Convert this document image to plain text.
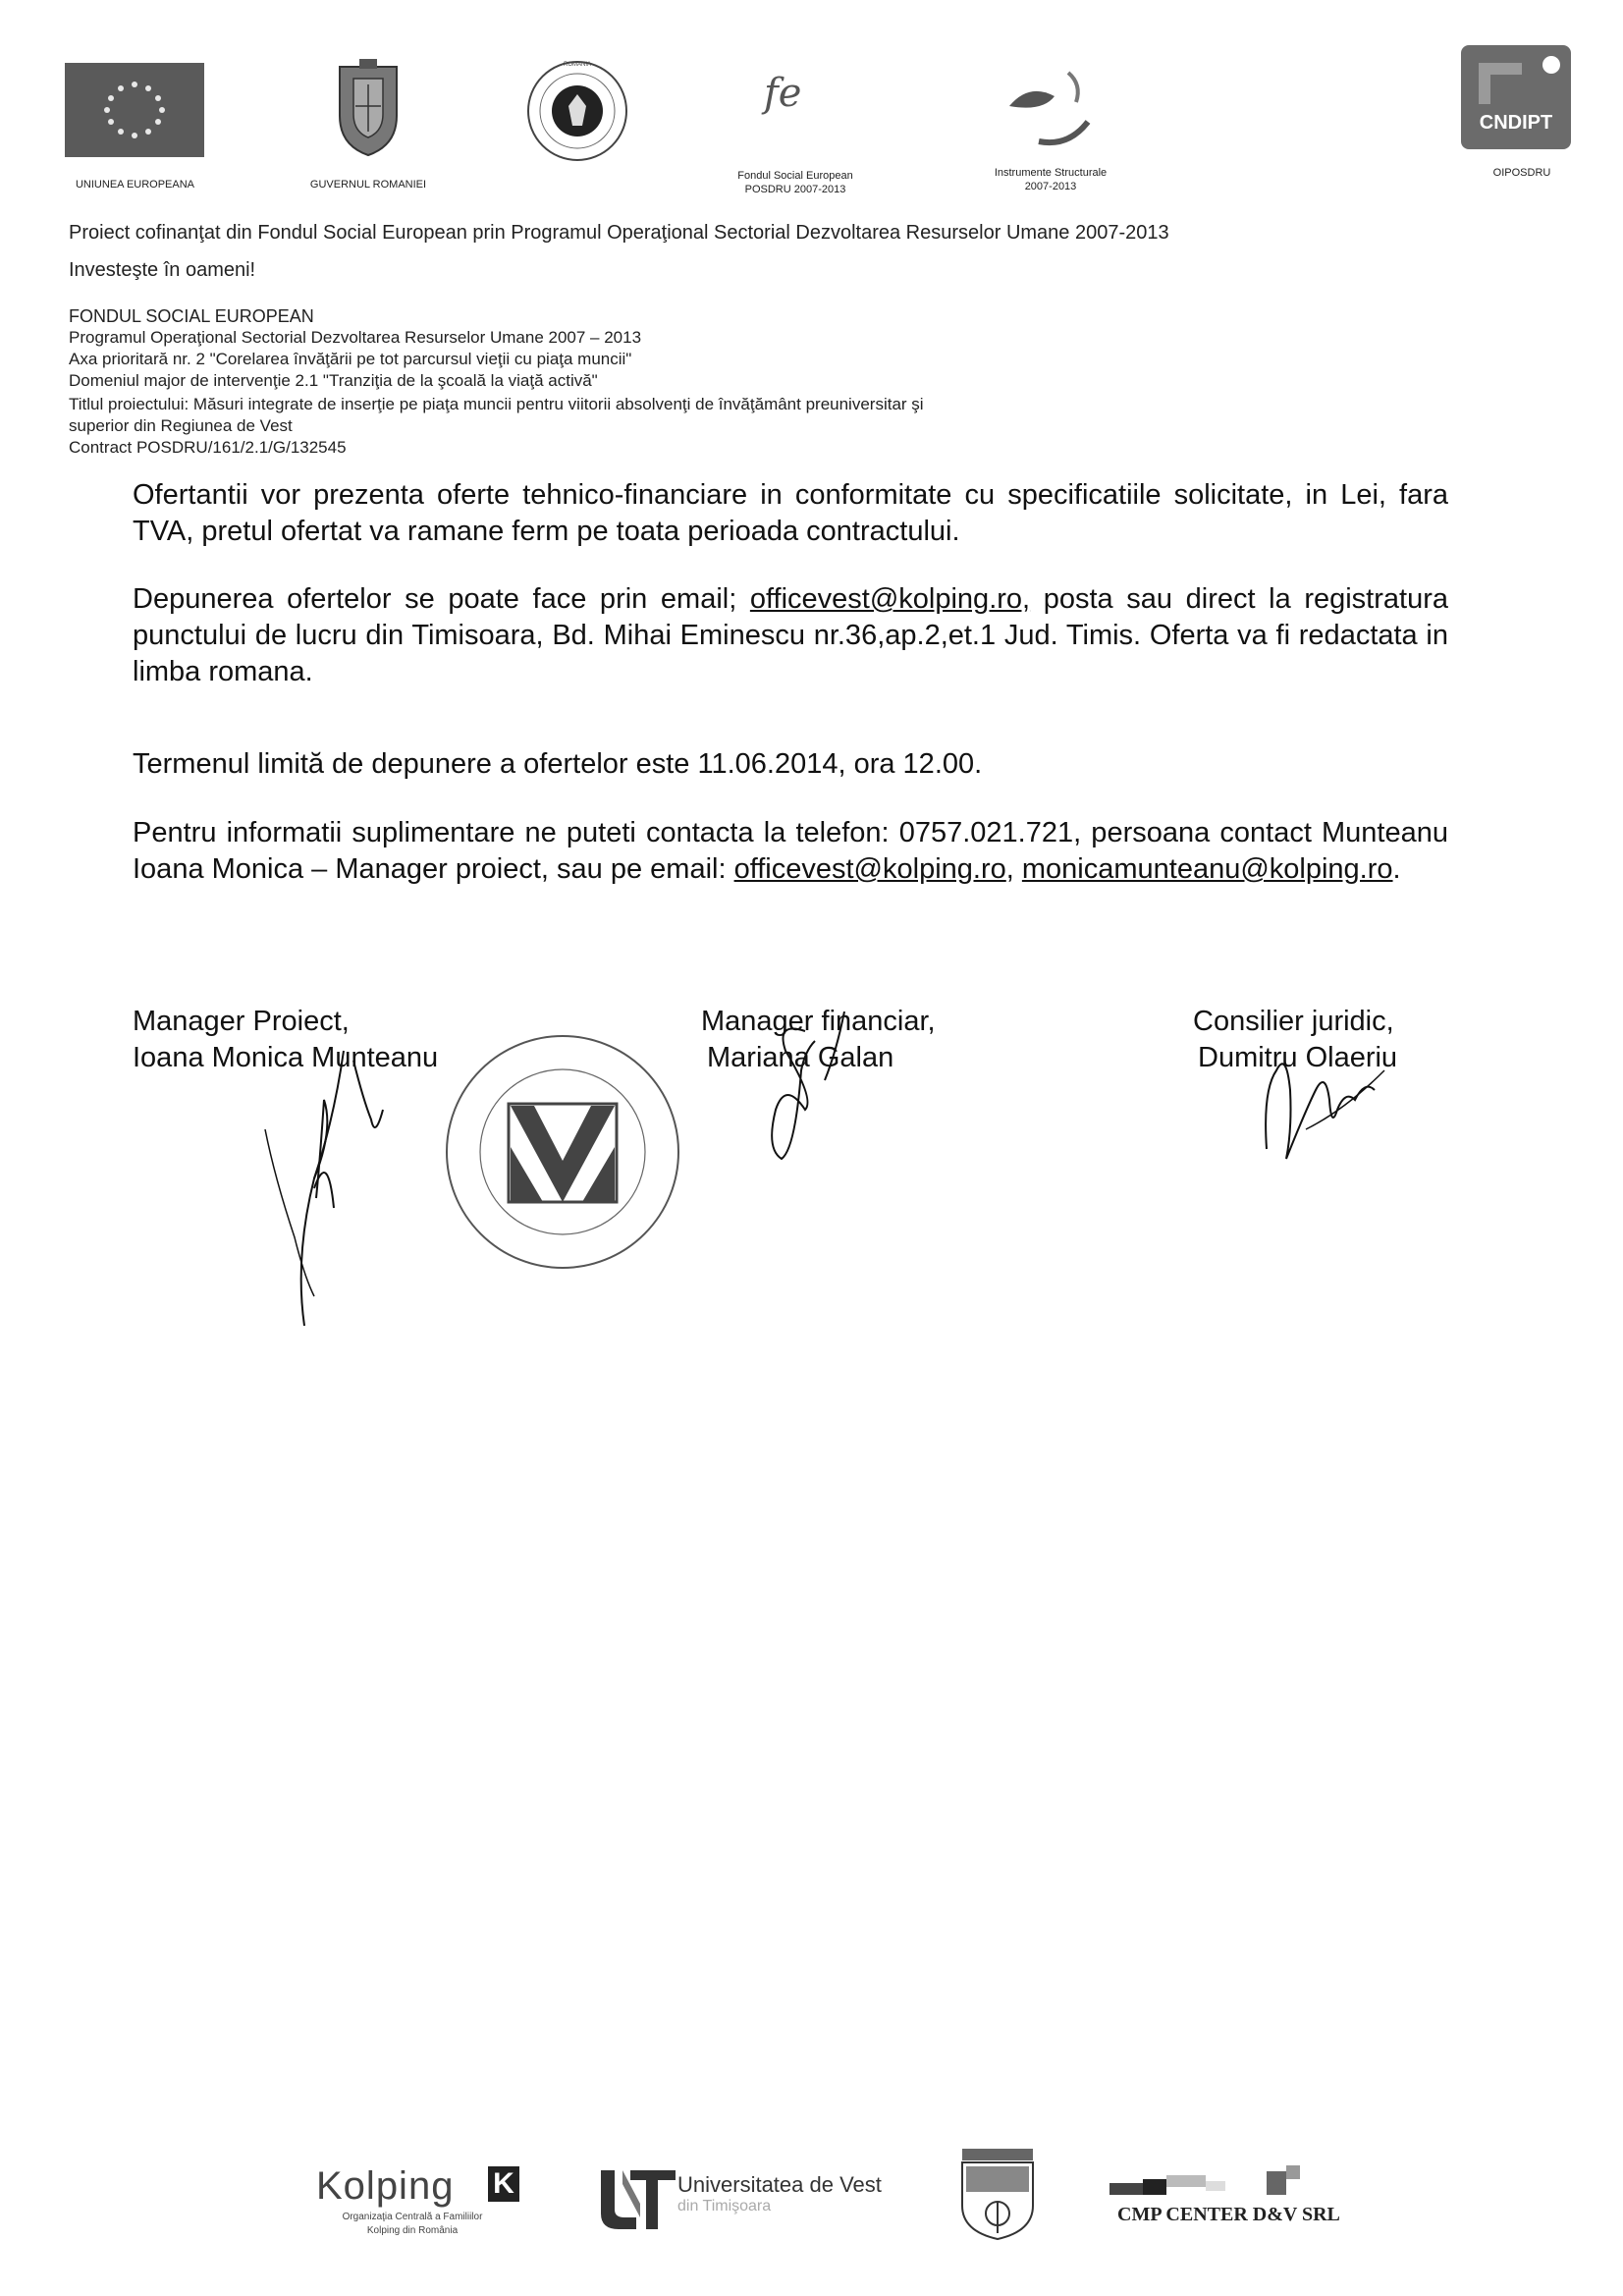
UNIUNEA EUROPEANA	GUVERNUL ROMANIEI
ROMANIA
fe
Fondul Social European
POSDRU 2007-2013
Instrumente Structurale
2007-2013
CNDIPT
OIPOSDRU
Proiect cofinanţat din Fondul Social European prin Programul Operaţional Sectorial Dezvoltarea Resurselor Umane 2007-2013
Investeşte în oameni!
FONDUL SOCIAL EUROPEAN
Programul Operaţional Sectorial Dezvoltarea Resurselor Umane 2007 – 2013
Axa prioritară nr. 2 "Corelarea învăţării pe tot parcursul vieţii cu piaţa muncii"
Domeniul major de intervenţie 2.1 "Tranziţia de la şcoală la viaţă activă"
Titlul proiectului: Măsuri integrate de inserţie pe piaţa muncii pentru viitorii absolvenţi de învăţământ preuniversitar şi
superior din Regiunea de Vest
Contract POSDRU/161/2.1/G/132545
Ofertantii vor prezenta oferte tehnico-financiare in conformitate cu specificatiile solicitate, in Lei, fara TVA, pretul ofertat va ramane ferm pe toata perioada contractului.
Depunerea ofertelor se poate face prin email; officevest@kolping.ro, posta sau direct la registratura punctului de lucru din Timisoara, Bd. Mihai Eminescu nr.36,ap.2,et.1 Jud. Timis. Oferta va fi redactata in limba romana.
Termenul limită de depunere a ofertelor este 11.06.2014, ora 12.00.
Pentru informatii suplimentare ne puteti contacta la telefon: 0757.021.721, persoana contact Munteanu Ioana Monica – Manager proiect, sau pe email: officevest@kolping.ro, monicamunteanu@kolping.ro.
Manager Proiect,
Ioana Monica Munteanu
Manager financiar,
Mariana Galan
Consilier juridic,
Dumitru Olaeriu
Kolping K
Organizaţia Centrală a Familiilor
Kolping din România
Universitatea de Vest
din Timişoara	CMP CENTER D&V SRL
